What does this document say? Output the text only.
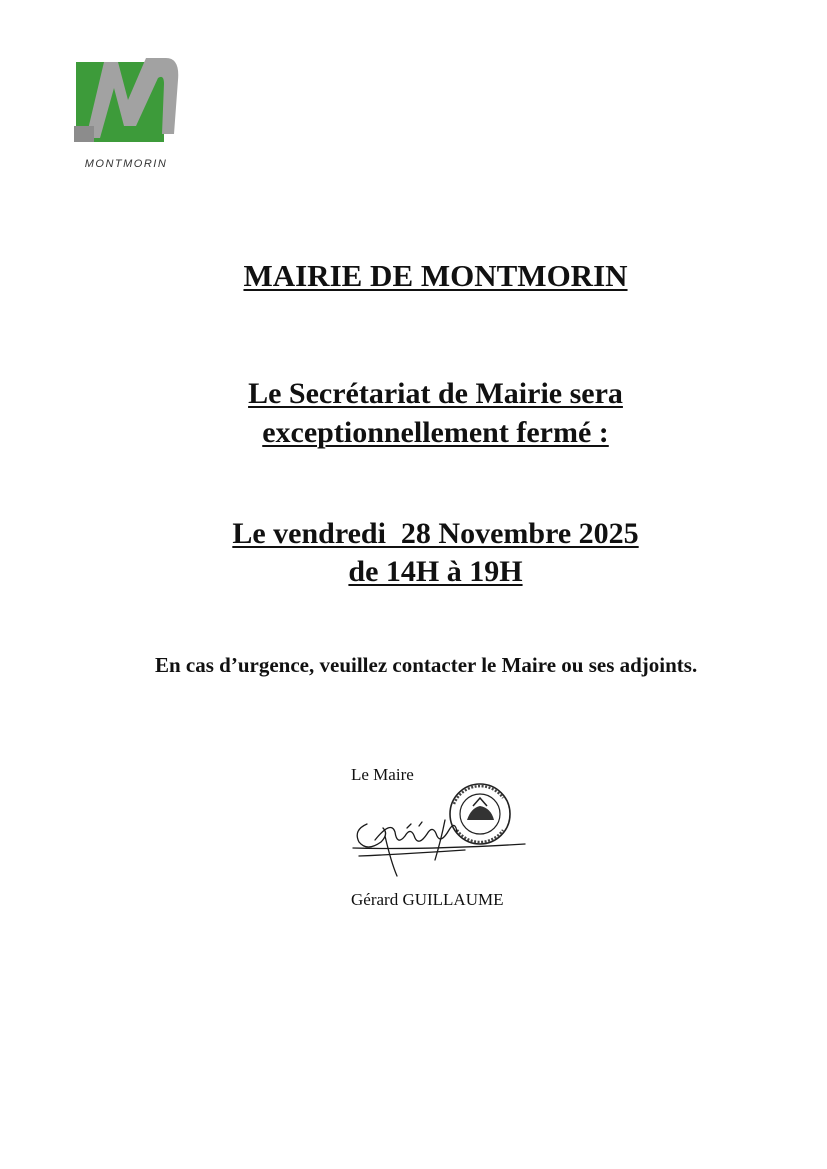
MONTMORIN
MAIRIE DE MONTMORIN
Le Secrétariat de Mairie sera
exceptionnellement fermé :
Le vendredi  28 Novembre 2025
de 14H à 19H
En cas d’urgence, veuillez contacter le Maire ou ses adjoints.
Le Maire
Gérard GUILLAUME
